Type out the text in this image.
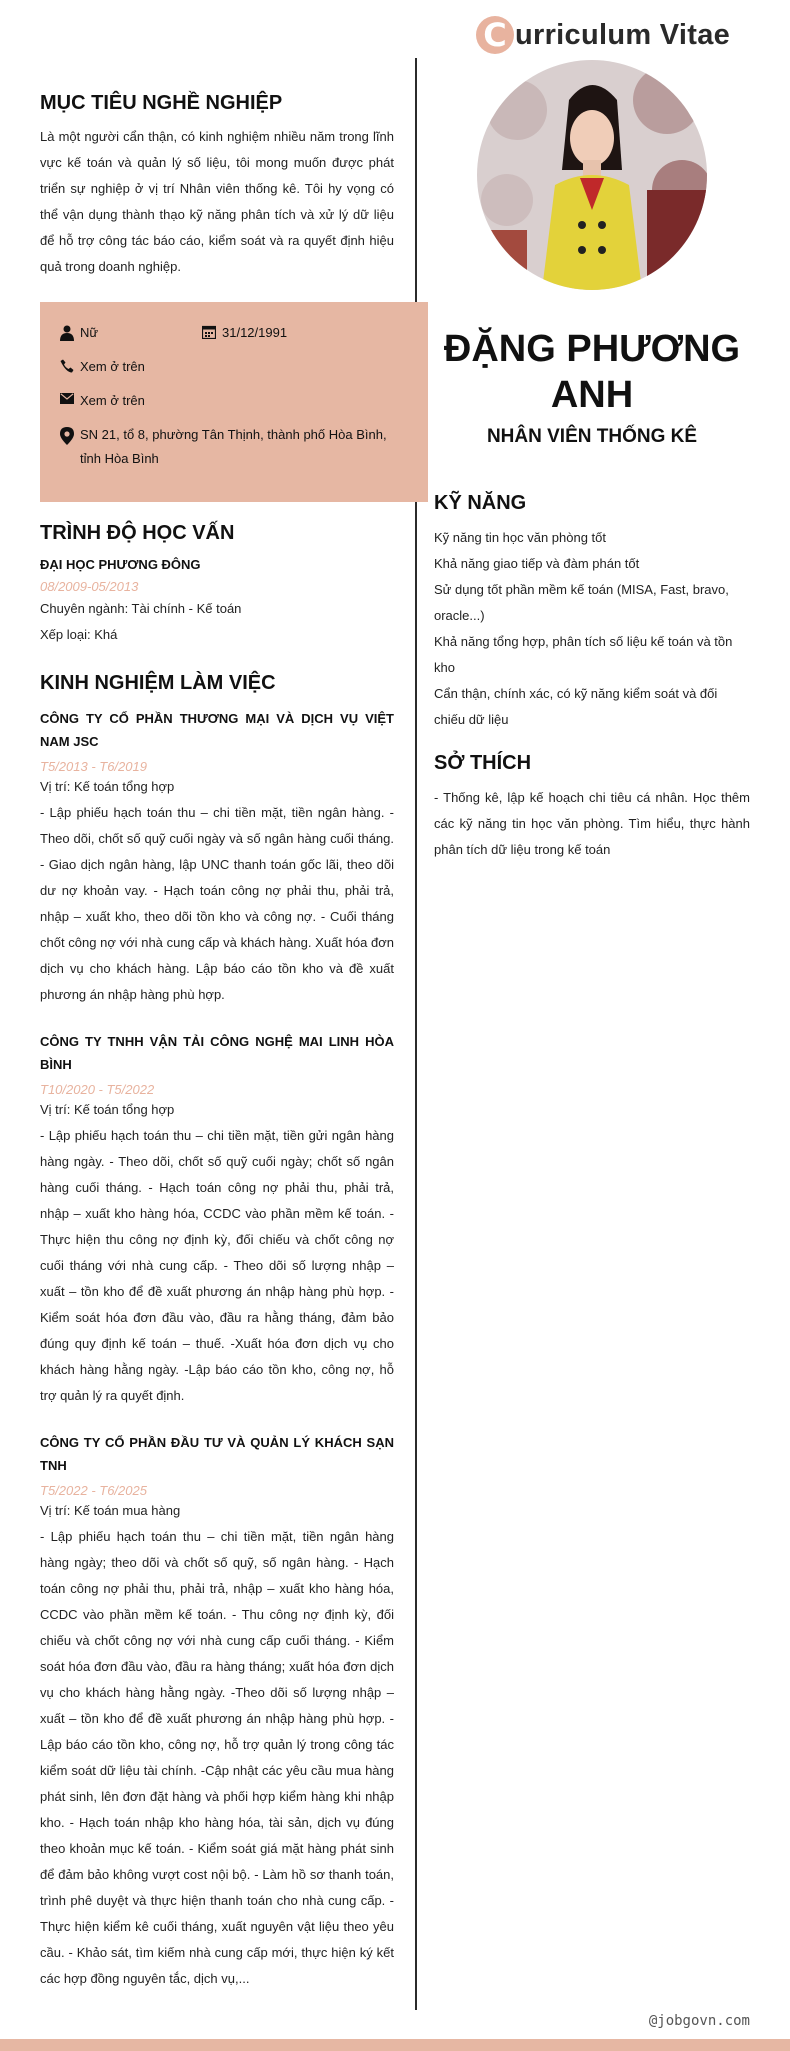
C urriculum Vitae
MỤC TIÊU NGHỀ NGHIỆP

Là một người cẩn thận, có kinh nghiệm nhiều năm trong lĩnh vực kế toán và quản lý số liệu, tôi mong muốn được phát triển sự nghiệp ở vị trí Nhân viên thống kê. Tôi hy vọng có thể vận dụng thành thạo kỹ năng phân tích và xử lý dữ liệu để hỗ trợ công tác báo cáo, kiểm soát và ra quyết định hiệu quả trong doanh nghiệp.

Nữ	31/12/1991
Xem ở trên
Xem ở trên
SN 21, tổ 8, phường Tân Thịnh, thành phố Hòa Bình, tỉnh Hòa Bình
TRÌNH ĐỘ HỌC VẤN
ĐẠI HỌC PHƯƠNG ĐÔNG
08/2009-05/2013
Chuyên ngành: Tài chính - Kế toán
Xếp loại: Khá
KINH NGHIỆM LÀM VIỆC
CÔNG TY CỔ PHẦN THƯƠNG MẠI VÀ DỊCH VỤ VIỆT NAM JSC
T5/2013 - T6/2019
Vị trí: Kế toán tổng hợp

- Lập phiếu hạch toán thu – chi tiền mặt, tiền ngân hàng. - Theo dõi, chốt số quỹ cuối ngày và số ngân hàng cuối tháng. - Giao dịch ngân hàng, lập UNC thanh toán gốc lãi, theo dõi dư nợ khoản vay. - Hạch toán công nợ phải thu, phải trả, nhập – xuất kho, theo dõi tồn kho và công nợ. - Cuối tháng chốt công nợ với nhà cung cấp và khách hàng. Xuất hóa đơn dịch vụ cho khách hàng. Lập báo cáo tồn kho và đề xuất phương án nhập hàng phù hợp.

CÔNG TY TNHH VẬN TẢI CÔNG NGHỆ MAI LINH HÒA BÌNH
T10/2020 - T5/2022
Vị trí: Kế toán tổng hợp

- Lập phiếu hạch toán thu – chi tiền mặt, tiền gửi ngân hàng hàng ngày. - Theo dõi, chốt số quỹ cuối ngày; chốt số ngân hàng cuối tháng. - Hạch toán công nợ phải thu, phải trả, nhập – xuất kho hàng hóa, CCDC vào phần mềm kế toán. - Thực hiện thu công nợ định kỳ, đối chiếu và chốt công nợ cuối tháng với nhà cung cấp. - Theo dõi số lượng nhập – xuất – tồn kho để đề xuất phương án nhập hàng phù hợp. - Kiểm soát hóa đơn đầu vào, đầu ra hằng tháng, đảm bảo đúng quy định kế toán – thuế. -Xuất hóa đơn dịch vụ cho khách hàng hằng ngày. -Lập báo cáo tồn kho, công nợ, hỗ trợ quản lý ra quyết định.

CÔNG TY CỔ PHẦN ĐẦU TƯ VÀ QUẢN LÝ KHÁCH SẠN TNH
T5/2022 - T6/2025
Vị trí: Kế toán mua hàng

- Lập phiếu hạch toán thu – chi tiền mặt, tiền ngân hàng hàng ngày; theo dõi và chốt số quỹ, số ngân hàng. - Hạch toán công nợ phải thu, phải trả, nhập – xuất kho hàng hóa, CCDC vào phần mềm kế toán. - Thu công nợ định kỳ, đối chiếu và chốt công nợ với nhà cung cấp cuối tháng. - Kiểm soát hóa đơn đầu vào, đầu ra hàng tháng; xuất hóa đơn dịch vụ cho khách hàng hằng ngày. -Theo dõi số lượng nhập – xuất – tồn kho để đề xuất phương án nhập hàng phù hợp. - Lập báo cáo tồn kho, công nợ, hỗ trợ quản lý trong công tác kiểm soát dữ liệu tài chính. -Cập nhật các yêu cầu mua hàng phát sinh, lên đơn đặt hàng và phối hợp kiểm hàng khi nhập kho. - Hạch toán nhập kho hàng hóa, tài sản, dịch vụ đúng theo khoản mục kế toán. - Kiểm soát giá mặt hàng phát sinh để đảm bảo không vượt cost nội bộ. - Làm hồ sơ thanh toán, trình phê duyệt và thực hiện thanh toán cho nhà cung cấp. - Thực hiện kiểm kê cuối tháng, xuất nguyên vật liệu theo yêu cầu. - Khảo sát, tìm kiếm nhà cung cấp mới, thực hiện ký kết các hợp đồng nguyên tắc, dịch vụ,...

ĐẶNG PHƯƠNG ANH
NHÂN VIÊN THỐNG KÊ
KỸ NĂNG
Kỹ năng tin học văn phòng tốt
Khả năng giao tiếp và đàm phán tốt
Sử dụng tốt phần mềm kế toán (MISA, Fast, bravo, oracle...)
Khả năng tổng hợp, phân tích số liệu kế toán và tồn kho
Cẩn thận, chính xác, có kỹ năng kiểm soát và đối chiếu dữ liệu
SỞ THÍCH

- Thống kê, lập kế hoạch chi tiêu cá nhân. Học thêm các kỹ năng tin học văn phòng. Tìm hiểu, thực hành phân tích dữ liệu trong kế toán

@jobgovn.com
